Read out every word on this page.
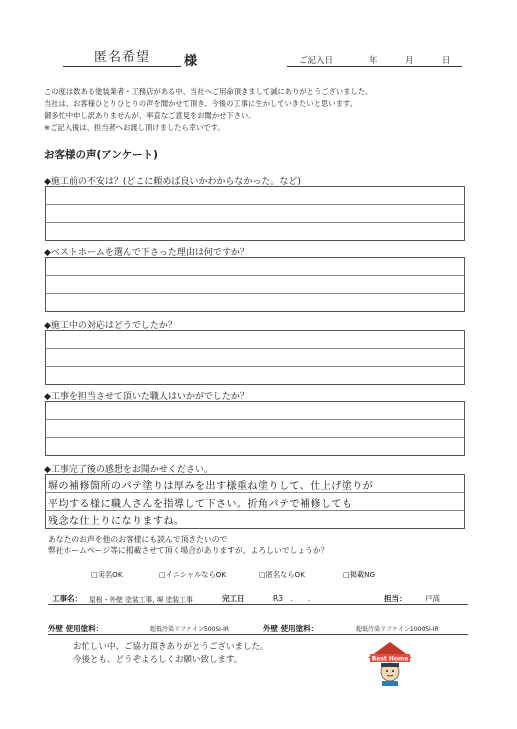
匿名希望	様	ご記入日	年	月	日
この度は数ある塗装業者・工務店がある中、当社へご用命頂きまして誠にありがとうございました。
当社は、お客様ひとりひとりの声を聞かせて頂き、今後の工事に生かしていきたいと思います。
御多忙中申し訳ありませんが、率直なご意見をお聞かせ下さい。
※ご記入後は、担当者へお渡し頂けましたら幸いです。
お客様の声(アンケート)
◆施工前の不安は？(どこに頼めば良いかわからなかった。など)
◆ベストホームを選んで下さった理由は何ですか？
◆施工中の対応はどうでしたか？
◆工事を担当させて頂いた職人はいかがでしたか？
◆工事完了後の感想をお聞かせください。
塀の補修箇所のパテ塗りは厚みを出す様重ね塗りして、仕上げ塗りが
平均する様に職人さんを指導して下さい。折角パテで補修しても
残念な仕上りになりますね。
あなたのお声を他のお客様にも読んで頂きたいので
弊社ホームページ等に掲載させて頂く場合がありますが、よろしいでしょうか？
□実名OK	□イニシャルならOK	□匿名ならOK	□掲載NG
工事名： 屋根・外壁 塗装工事, 塀 塗装工事	完工日	R3　.　　.	担当： 戸高
外壁 使用塗料：	超低汚染リファイン500SI-IR	外壁 使用塗料：	超低汚染リファイン1000SI-IR
お忙しい中、ご協力頂きありがとうございました。
今後とも、どうぞよろしくお願い致します。	Best Home
